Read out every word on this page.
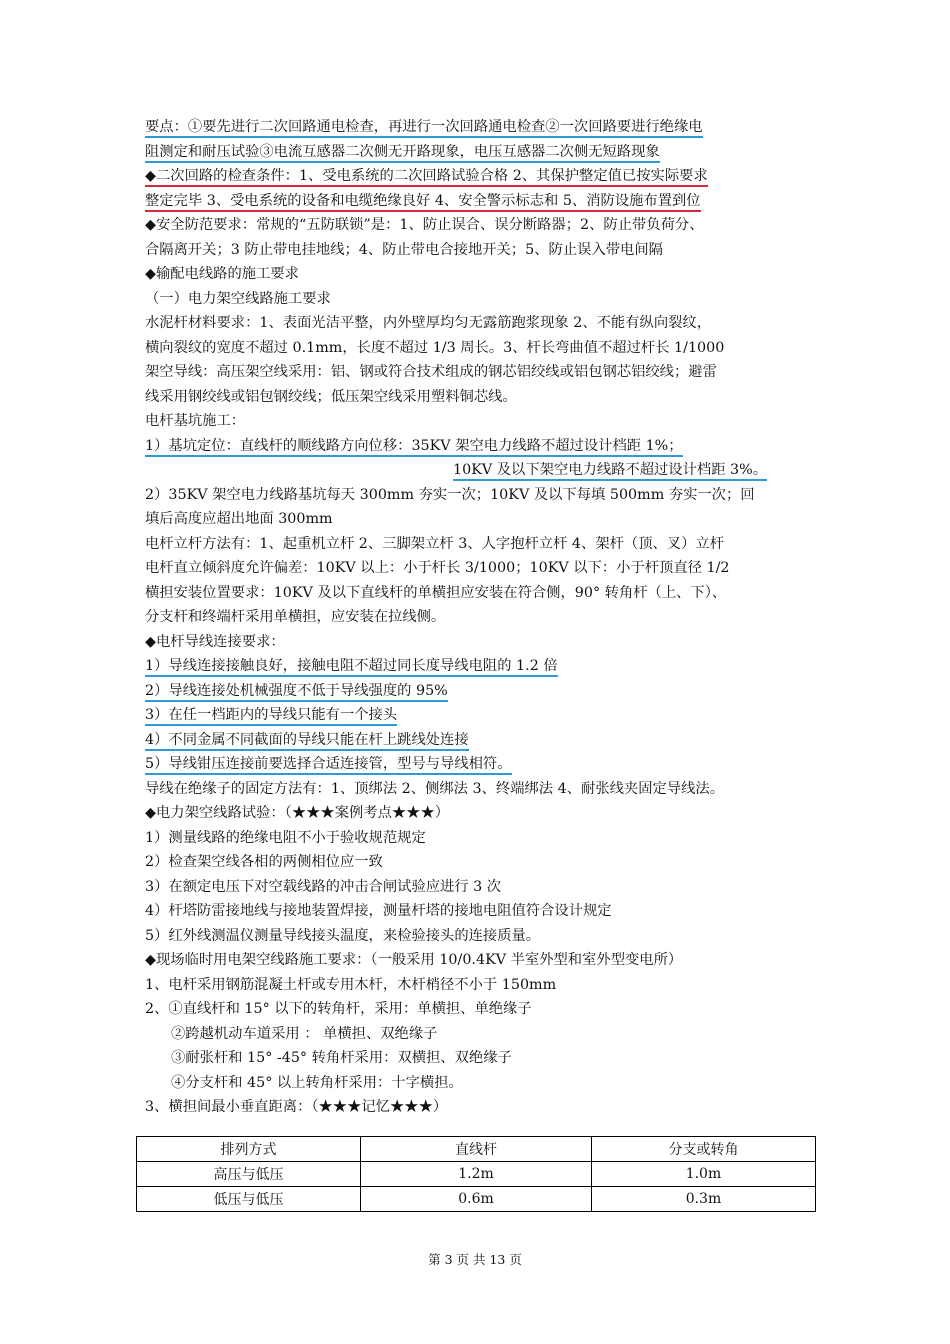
要点：①要先进行二次回路通电检查，再进行一次回路通电检查②一次回路要进行绝缘电
阻测定和耐压试验③电流互感器二次侧无开路现象，电压互感器二次侧无短路现象
◆二次回路的检查条件：1、受电系统的二次回路试验合格 2、其保护整定值已按实际要求
整定完毕 3、受电系统的设备和电缆绝缘良好 4、安全警示标志和 5、消防设施布置到位
◆安全防范要求：常规的“五防联锁”是：1、防止误合、误分断路器；2、防止带负荷分、
合隔离开关；3 防止带电挂地线；4、防止带电合接地开关；5、防止误入带电间隔
◆输配电线路的施工要求
（一）电力架空线路施工要求
水泥杆材料要求：1、表面光洁平整，内外壁厚均匀无露筋跑浆现象 2、不能有纵向裂纹，
横向裂纹的宽度不超过 0.1mm，长度不超过 1/3 周长。3、杆长弯曲值不超过杆长 1/1000
架空导线：高压架空线采用：铝、钢或符合技术组成的钢芯铝绞线或铝包钢芯铝绞线；避雷
线采用钢绞线或铝包钢绞线；低压架空线采用塑料铜芯线。
电杆基坑施工：
1）基坑定位：直线杆的顺线路方向位移：35KV 架空电力线路不超过设计档距 1%；
10KV 及以下架空电力线路不超过设计档距 3%。
2）35KV 架空电力线路基坑每天 300mm 夯实一次；10KV 及以下每填 500mm 夯实一次；回
填后高度应超出地面 300mm
电杆立杆方法有：1、起重机立杆 2、三脚架立杆 3、人字抱杆立杆 4、架杆（顶、叉）立杆
电杆直立倾斜度允许偏差：10KV 以上：小于杆长 3/1000；10KV 以下：小于杆顶直径 1/2
横担安装位置要求：10KV 及以下直线杆的单横担应安装在符合侧，90° 转角杆（上、下）、
分支杆和终端杆采用单横担，应安装在拉线侧。
◆电杆导线连接要求：
1）导线连接接触良好，接触电阻不超过同长度导线电阻的 1.2 倍
2）导线连接处机械强度不低于导线强度的 95%
3）在任一档距内的导线只能有一个接头
4）不同金属不同截面的导线只能在杆上跳线处连接
5）导线钳压连接前要选择合适连接管，型号与导线相符。
导线在绝缘子的固定方法有：1、顶绑法 2、侧绑法 3、终端绑法 4、耐张线夹固定导线法。
◆电力架空线路试验：（★★★案例考点★★★）
1）测量线路的绝缘电阻不小于验收规范规定
2）检查架空线各相的两侧相位应一致
3）在额定电压下对空载线路的冲击合闸试验应进行 3 次
4）杆塔防雷接地线与接地装置焊接，测量杆塔的接地电阻值符合设计规定
5）红外线测温仪测量导线接头温度，来检验接头的连接质量。
◆现场临时用电架空线路施工要求：（一般采用 10/0.4KV 半室外型和室外型变电所）
1、电杆采用钢筋混凝土杆或专用木杆，木杆梢径不小于 150mm
2、①直线杆和 15° 以下的转角杆，采用：单横担、单绝缘子
②跨越机动车道采用 ： 单横担、双绝缘子
③耐张杆和 15° -45° 转角杆采用：双横担、双绝缘子
④分支杆和 45° 以上转角杆采用：十字横担。
3、横担间最小垂直距离：（★★★记忆★★★）
排列方式	直线杆	分支或转角
高压与低压	1.2m	1.0m
低压与低压	0.6m	0.3m
第 3 页 共 13 页
